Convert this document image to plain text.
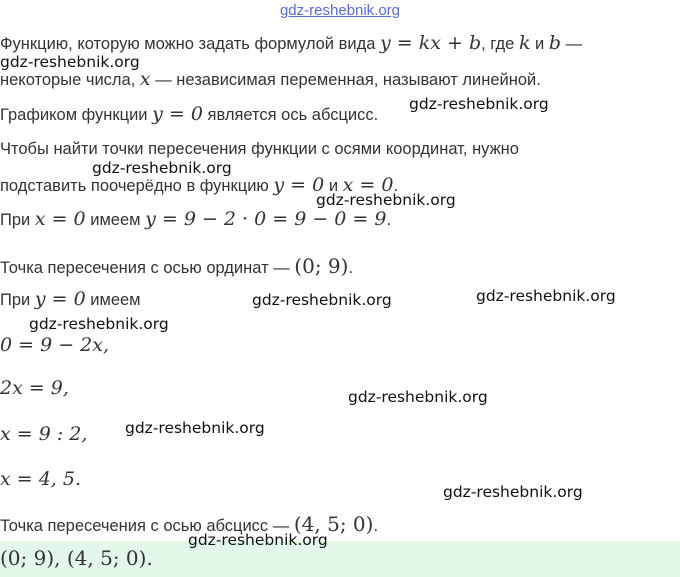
gdz-reshebnik.org
Функцию, которую можно задать формулой вида y = kx + b, где k и b —
некоторые числа, x — независимая переменная, называют линейной.
Графиком функции y = 0 является ось абсцисс.
Чтобы найти точки пересечения функции с осями координат, нужно
подставить поочерёдно в функцию y = 0 и x = 0.
При x = 0 имеем y = 9 − 2 · 0 = 9 − 0 = 9.
Точка пересечения с осью ординат — (0; 9).
При y = 0 имеем
0 = 9 − 2x,
2x = 9,
x = 9 : 2,
x = 4, 5.
Точка пересечения с осью абсцисс — (4, 5; 0).
(0; 9), (4, 5; 0).
gdz-reshebnik.org
gdz-reshebnik.org
gdz-reshebnik.org
gdz-reshebnik.org
gdz-reshebnik.org	gdz-reshebnik.org
gdz-reshebnik.org
gdz-reshebnik.org
gdz-reshebnik.org
gdz-reshebnik.org
gdz-reshebnik.org
